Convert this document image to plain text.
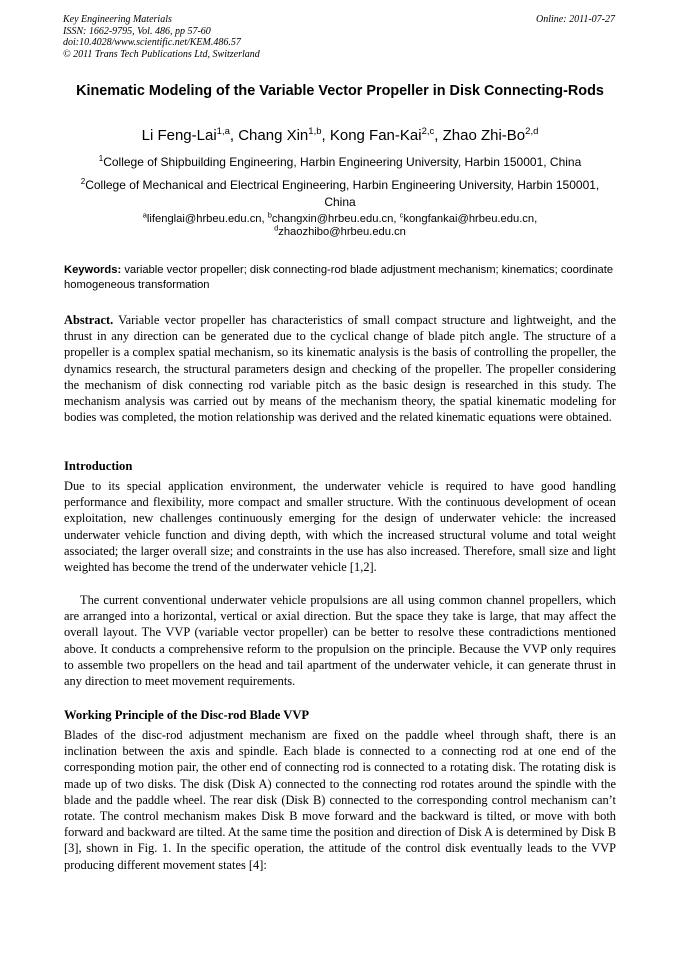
Key Engineering Materials
ISSN: 1662-9795, Vol. 486, pp 57-60
doi:10.4028/www.scientific.net/KEM.486.57
© 2011 Trans Tech Publications Ltd, Switzerland
Online: 2011-07-27
Kinematic Modeling of the Variable Vector Propeller in Disk Connecting-Rods
Li Feng-Lai$^{1,a}$, Chang Xin$^{1,b}$, Kong Fan-Kai$^{2,c}$, Zhao Zhi-Bo$^{2,d}$
$^1$College of Shipbuilding Engineering, Harbin Engineering University, Harbin 150001, China
$^2$College of Mechanical and Electrical Engineering, Harbin Engineering University, Harbin 150001, China
$^a$lifenglai@hrbeu.edu.cn, $^b$changxin@hrbeu.edu.cn, $^c$kongfankai@hrbeu.edu.cn,
$^d$zhaozhibo@hrbeu.edu.cn
Keywords: variable vector propeller; disk connecting-rod blade adjustment mechanism; kinematics; coordinate homogeneous transformation
Abstract. Variable vector propeller has characteristics of small compact structure and lightweight, and the thrust in any direction can be generated due to the cyclical change of blade pitch angle. The structure of a propeller is a complex spatial mechanism, so its kinematic analysis is the basis of controlling the propeller, the dynamics research, the structural parameters design and checking of the propeller. The propeller considering the mechanism of disk connecting rod variable pitch as the basic design is researched in this study. The mechanism analysis was carried out by means of the mechanism theory, the spatial kinematic modeling for bodies was completed, the motion relationship was derived and the related kinematic equations were obtained.
Introduction
Due to its special application environment, the underwater vehicle is required to have good handling performance and flexibility, more compact and smaller structure. With the continuous development of ocean exploitation, new challenges continuously emerging for the design of underwater vehicle: the increased underwater vehicle function and diving depth, with which the increased structural volume and total weight associated; the larger overall size; and constraints in the use has also increased. Therefore, small size and light weighted has become the trend of the underwater vehicle [1,2].
The current conventional underwater vehicle propulsions are all using common channel propellers, which are arranged into a horizontal, vertical or axial direction. But the space they take is large, that may affect the overall layout. The VVP (variable vector propeller) can be better to resolve these contradictions mentioned above. It conducts a comprehensive reform to the propulsion on the principle. Because the VVP only requires to assemble two propellers on the head and tail apartment of the underwater vehicle, it can generate thrust in any direction to meet movement requirements.
Working Principle of the Disc-rod Blade VVP
Blades of the disc-rod adjustment mechanism are fixed on the paddle wheel through shaft, there is an inclination between the axis and spindle. Each blade is connected to a connecting rod at one end of the corresponding motion pair, the other end of connecting rod is connected to a rotating disk. The rotating disk is made up of two disks. The disk (Disk A) connected to the connecting rod rotates around the spindle with the blade and the paddle wheel. The rear disk (Disk B) connected to the corresponding control mechanism can’t rotate. The control mechanism makes Disk B move forward and the backward is tilted, or move with both forward and backward are tilted. At the same time the position and direction of Disk A is determined by Disk B [3], shown in Fig. 1. In the specific operation, the attitude of the control disk eventually leads to the VVP producing different movement states [4]:
